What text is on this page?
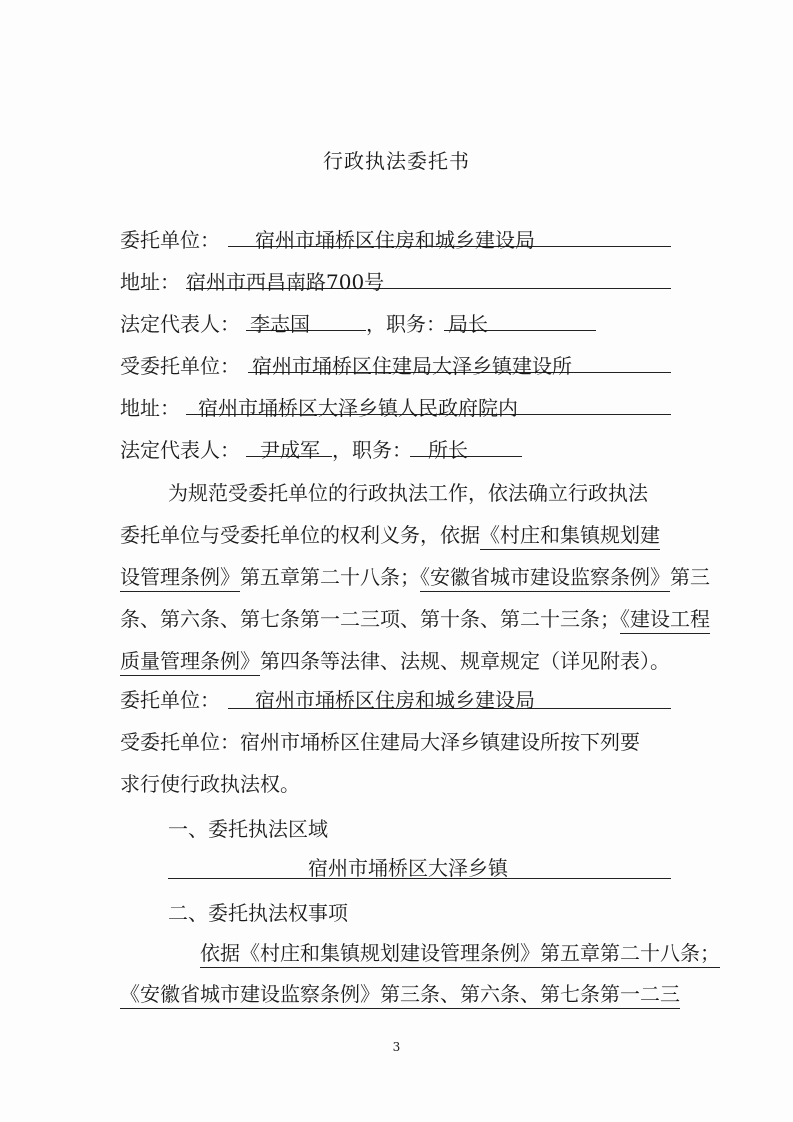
行政执法委托书
委托单位： 宿州市埇桥区住房和城乡建设局
地址： 宿州市西昌南路700号
法定代表人： 李志国	，职务： 局长
受委托单位： 宿州市埇桥区住建局大泽乡镇建设所
地址： 宿州市埇桥区大泽乡镇人民政府院内
法定代表人： 尹成军 ，职务： 所长
为规范受委托单位的行政执法工作，依法确立行政执法
委托单位与受委托单位的权利义务，依据《村庄和集镇规划建
设管理条例》第五章第二十八条；《安徽省城市建设监察条例》第三
条、第六条、第七条第一二三项、第十条、第二十三条；《建设工程
质量管理条例》第四条等法律、法规、规章规定（详见附表）。
委托单位：	宿州市埇桥区住房和城乡建设局
受委托单位：宿州市埇桥区住建局大泽乡镇建设所按下列要
求行使行政执法权。
一、委托执法区域
宿州市埇桥区大泽乡镇
二、委托执法权事项
依据《村庄和集镇规划建设管理条例》第五章第二十八条；
《安徽省城市建设监察条例》第三条、第六条、第七条第一二三
3
